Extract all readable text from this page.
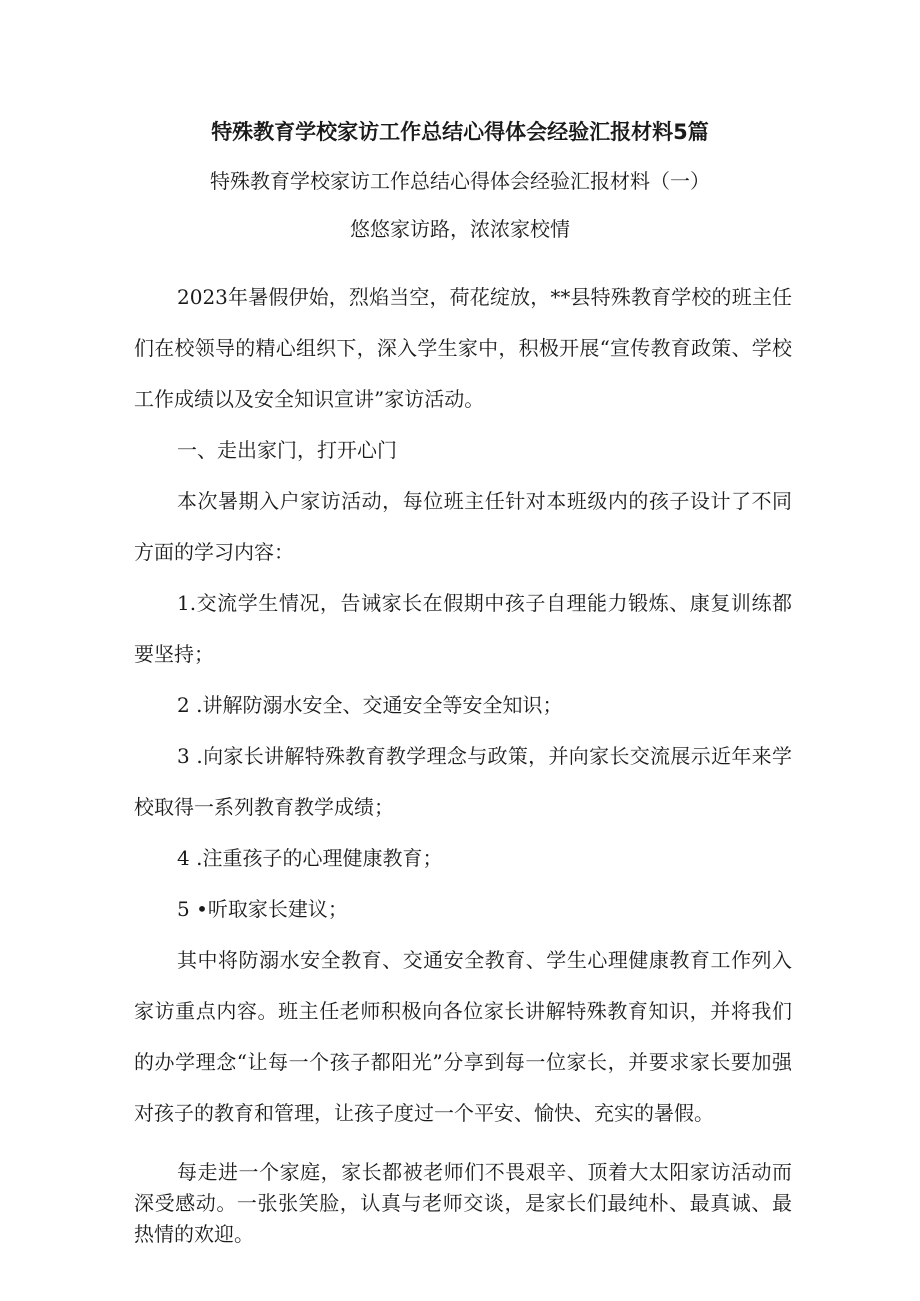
特殊教育学校家访工作总结心得体会经验汇报材料5篇
特殊教育学校家访工作总结心得体会经验汇报材料（一）
悠悠家访路，浓浓家校情

2023年暑假伊始，烈焰当空，荷花绽放，**县特殊教育学校的班主任们在校领导的精心组织下，深入学生家中，积极开展“宣传教育政策、学校工作成绩以及安全知识宣讲”家访活动。

一、走出家门，打开心门

本次暑期入户家访活动，每位班主任针对本班级内的孩子设计了不同方面的学习内容：

1.交流学生情况，告诫家长在假期中孩子自理能力锻炼、康复训练都要坚持；

2 .讲解防溺水安全、交通安全等安全知识；

3 .向家长讲解特殊教育教学理念与政策，并向家长交流展示近年来学校取得一系列教育教学成绩；

4 .注重孩子的心理健康教育；

5 •听取家长建议；

其中将防溺水安全教育、交通安全教育、学生心理健康教育工作列入家访重点内容。班主任老师积极向各位家长讲解特殊教育知识，并将我们的办学理念“让每一个孩子都阳光”分享到每一位家长，并要求家长要加强对孩子的教育和管理，让孩子度过一个平安、愉快、充实的暑假。

每走进一个家庭，家长都被老师们不畏艰辛、顶着大太阳家访活动而深受感动。一张张笑脸，认真与老师交谈，是家长们最纯朴、最真诚、最热情的欢迎。
